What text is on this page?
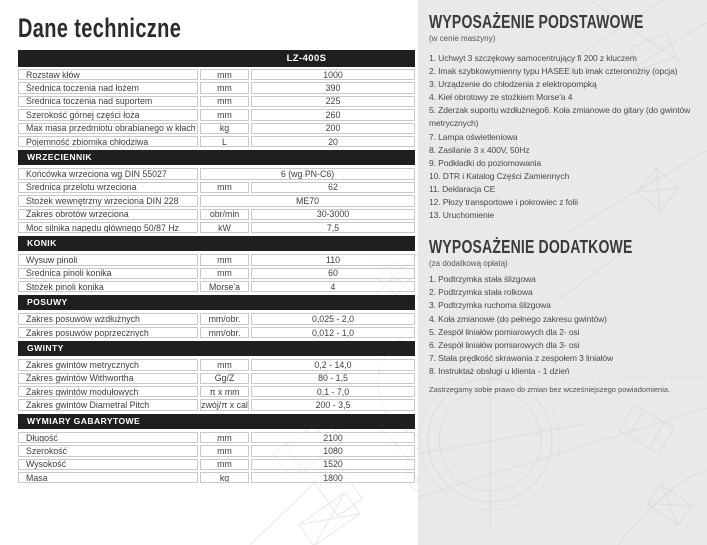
Dane techniczne
LZ-400S
Rozstaw kłów	mm	1000
Średnica toczenia nad łożem	mm	390
Średnica toczenia nad suportem	mm	225
Szerokość górnej części łoża	mm	260
Max masa przedmiotu obrabianego w kłach	kg	200
Pojemność zbiornika chłodziwa	L	20
WRZECIENNIK
Końcówka wrzeciona wg DIN 55027	6 (wg PN-C6)
Średnica przelotu wrzeciona	mm	62
Stożek wewnętrzny wrzeciona DIN 228	ME70
Zakres obrotów wrzeciona	obr/min	30-3000
Moc silnika napędu głównego 50/87 Hz	kW	7,5
KONIK
Wysuw pinoli	mm	110
Średnica pinoli konika	mm	60
Stożek pinoli konika	Morse'a	4
POSUWY
Zakres posuwów wzdłużnych	mm/obr.	0,025 - 2,0
Zakres posuwów poprzecznych	mm/obr.	0,012 - 1,0
GWINTY
Zakres gwintów metrycznych	mm	0,2 - 14,0
Zakres gwintów Withwortha	Gg/Z	80 - 1,5
Zakres gwintów modułowych	π x mm	0,1 - 7,0
Zakres gwintów Diametral Pitch	zwój/π x cal	200 - 3,5
WYMIARY GABARYTOWE
Długość	mm	2100
Szerokość	mm	1080
Wysokość	mm	1520
Masa	kg	1800
WYPOSAŻENIE PODSTAWOWE
(w cenie maszyny)
1. Uchwyt 3 szczękowy samocentrujący fi 200 z kluczem
2. Imak szybkowymienny typu HASEE lub imak czteronożny (opcja)
3. Urządzenie do chłodzenia z elektropompką
4. Kieł obrotowy ze stożkiem Morse'a 4
5. Zderzak suportu wzdłużnego6. Koła zmianowe do gitary (do gwintów metrycznych)
7. Lampa oświetleniowa
8. Zasilanie 3 x 400V, 50Hz
9. Podkładki do poziomowania
10. DTR i Katalog Części Zamiennych
11. Deklaracja CE
12. Płozy transportowe i pokrowiec z folii
13. Uruchomienie
WYPOSAŻENIE DODATKOWE
(za dodatkową opłatą)
1. Podtrzymka stała ślizgowa
2. Podtrzymka stała rolkowa
3. Podtrzymka ruchoma ślizgowa
4. Koła zmianowe (do pełnego zakresu gwintów)
5. Zespół liniałów pomiarowych dla 2- osi
6. Zespół liniałów pomiarowych dla 3- osi
7. Stała prędkość skrawania z zespołem 3 liniałów
8. Instruktaż obsługi u klienta - 1 dzień

Zastrzegamy sobie prawo do zmian bez wcześniejszego powiadomienia.
